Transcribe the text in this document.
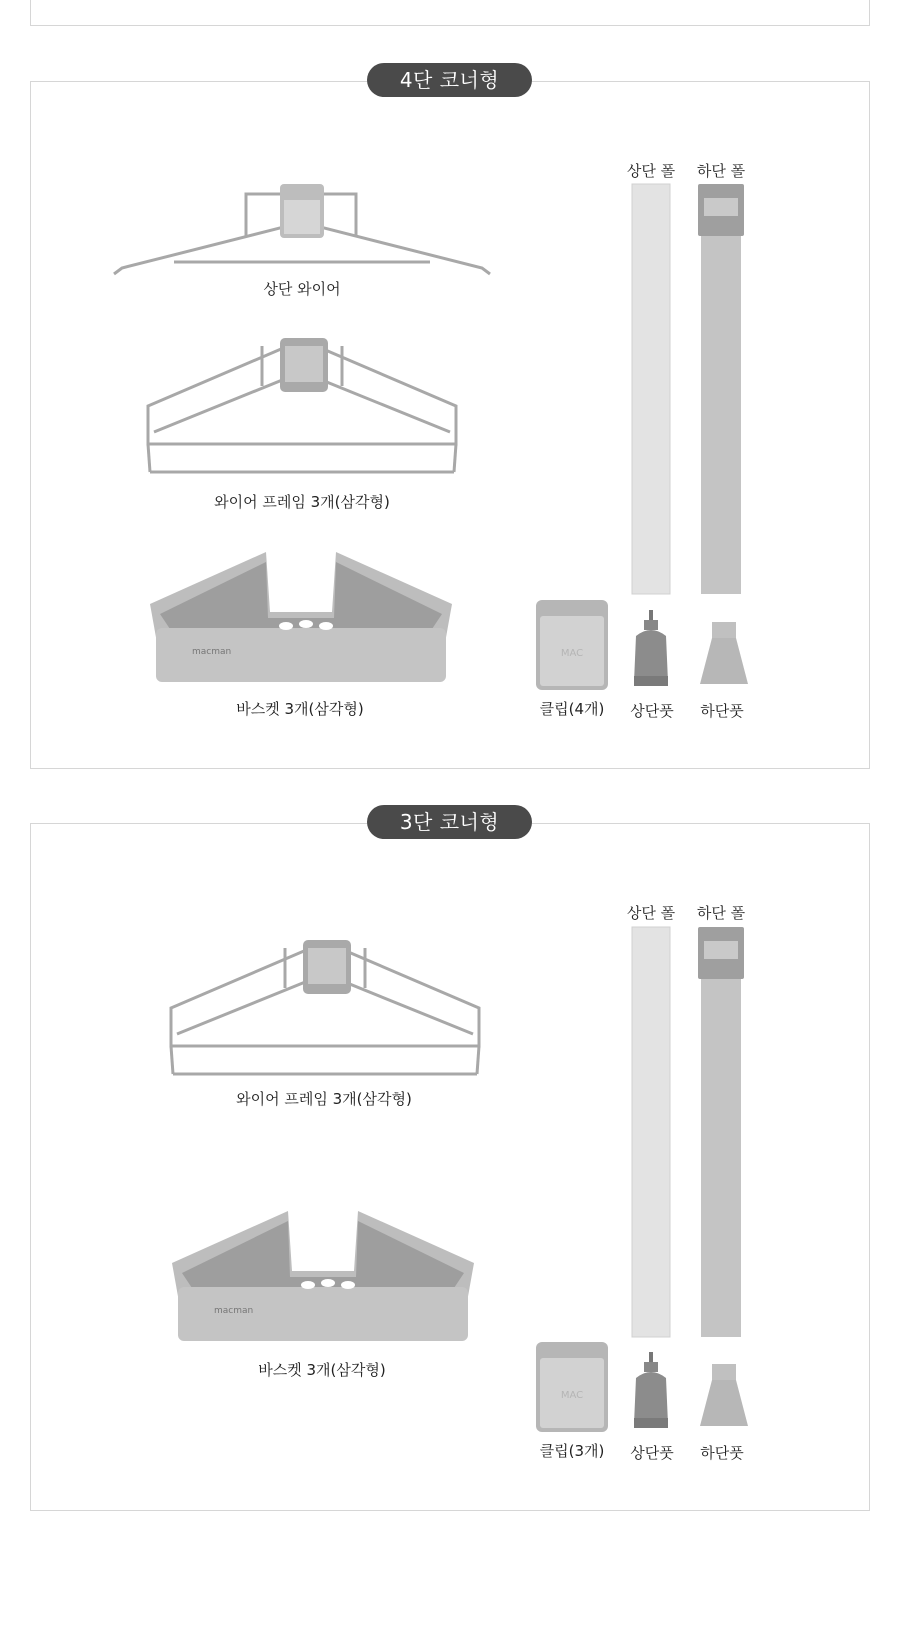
4단 코너형
상단 와이어
와이어 프레임 3개(삼각형)
macman
바스켓 3개(삼각형)
상단 폴 하단 폴
MAC
클립(4개) 상단풋 하단풋
3단 코너형
와이어 프레임 3개(삼각형)
macman
바스켓 3개(삼각형)
상단 폴 하단 폴
MAC
클립(3개) 상단풋 하단풋
